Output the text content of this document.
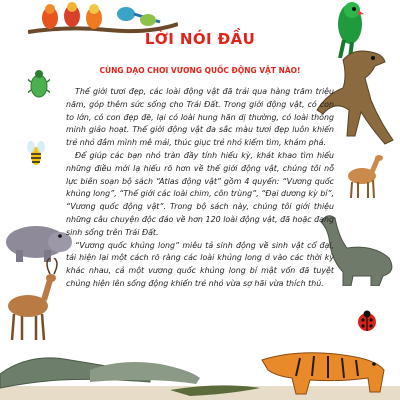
LỜI NÓI ĐẦU
CÙNG DẠO CHƠI VƯƠNG QUỐC ĐỘNG VẬT NÀO!

Thế giới tươi đẹp, các loài động vật đã trải qua hàng trăm triệu năm, góp thêm sức sống cho Trái Đất. Trong giới động vật, có con to lớn, có con đẹp đẽ, lại có loài hung hãn dị thường, có loài thông minh giảo hoạt. Thế giới động vật đa sắc màu tươi đẹp luôn khiến trẻ nhỏ đắm mình mê mải, thúc giục trẻ nhỏ kiếm tìm, khám phá.

Để giúp các bạn nhỏ tràn đầy tính hiếu kỳ, khát khao tìm hiểu những điều mới lạ hiểu rõ hơn về thế giới động vật, chúng tôi nỗ lực biên soạn bộ sách “Atlas động vật” gồm 4 quyển: “Vương quốc khủng long”, “Thế giới các loài chim, côn trùng”, “Đại dương kỳ bí”, “Vương quốc động vật”. Trong bộ sách này, chúng tôi giới thiệu những câu chuyện độc đáo về hơn 120 loài động vật, đã hoặc đang sinh sống trên Trái Đất.

“Vương quốc khủng long” miêu tả sinh động về sinh vật cổ đại, tái hiện lại một cách rõ ràng các loài khủng long ở vào các thời kỳ khác nhau, cả một vương quốc khủng long bí mật vốn đã tuyệt chủng hiện lên sống động khiến trẻ nhỏ vừa sợ hãi vừa thích thú.
